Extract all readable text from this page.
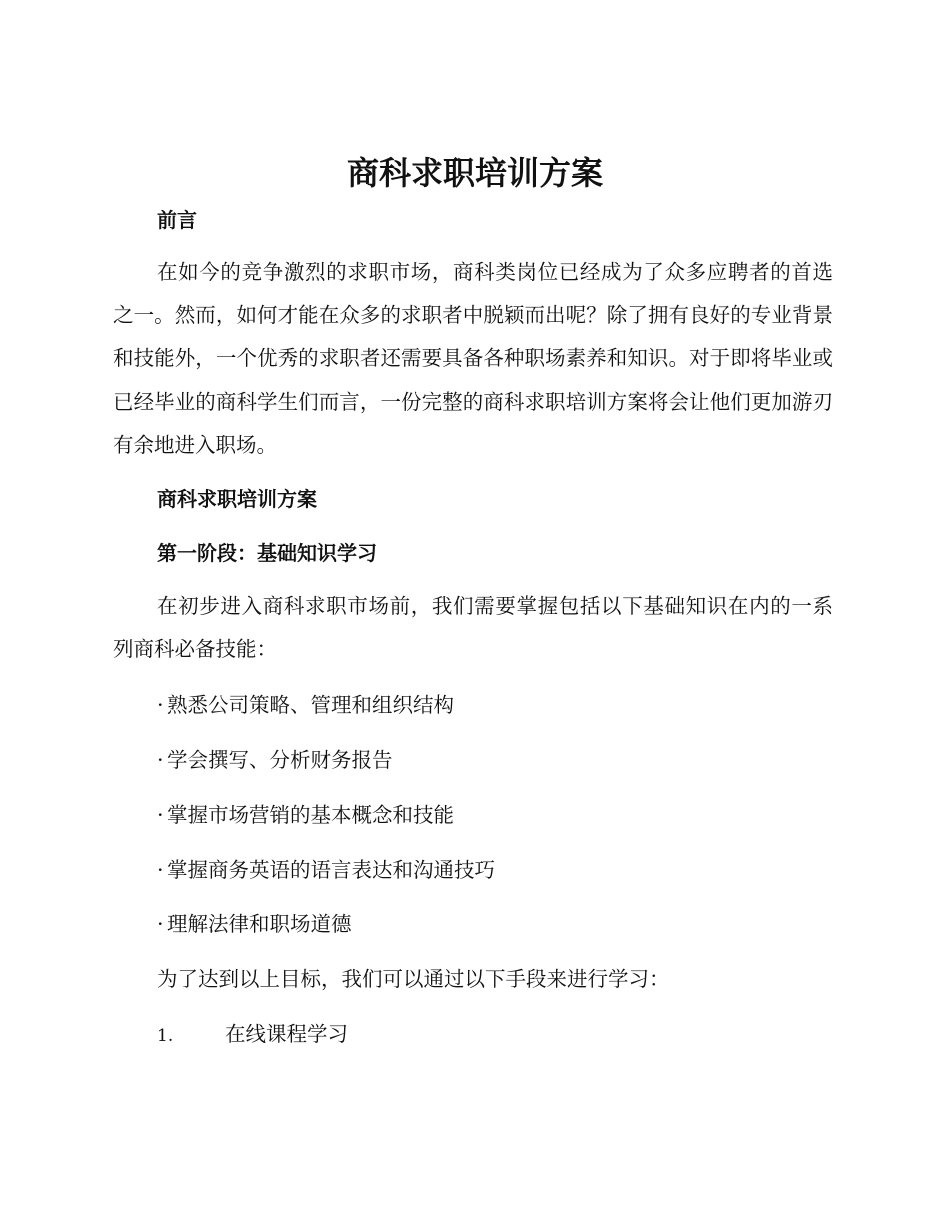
商科求职培训方案
前言

在如今的竞争激烈的求职市场，商科类岗位已经成为了众多应聘者的首选之一。然而，如何才能在众多的求职者中脱颖而出呢？除了拥有良好的专业背景和技能外，一个优秀的求职者还需要具备各种职场素养和知识。对于即将毕业或已经毕业的商科学生们而言，一份完整的商科求职培训方案将会让他们更加游刃有余地进入职场。

商科求职培训方案
第一阶段：基础知识学习

在初步进入商科求职市场前，我们需要掌握包括以下基础知识在内的一系列商科必备技能：

· 熟悉公司策略、管理和组织结构
· 学会撰写、分析财务报告
· 掌握市场营销的基本概念和技能
· 掌握商务英语的语言表达和沟通技巧
· 理解法律和职场道德

为了达到以上目标，我们可以通过以下手段来进行学习：

1.	在线课程学习
